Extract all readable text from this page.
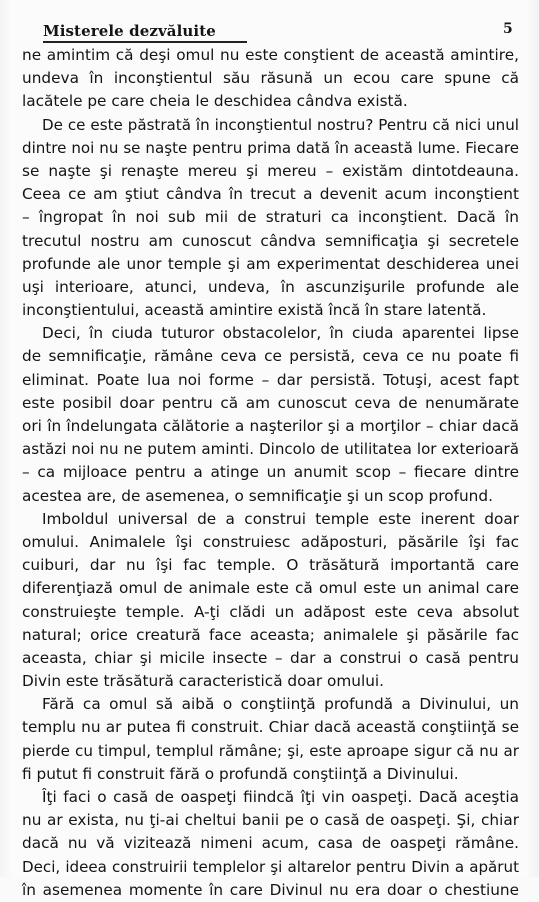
Misterele dezvăluite	5
ne amintim că deşi omul nu este conştient de această amintire,
undeva în inconştientul său răsună un ecou care spune că
lacătele pe care cheia le deschidea cândva există.
De ce este păstrată în inconştientul nostru? Pentru că nici unul
dintre noi nu se naşte pentru prima dată în această lume. Fiecare
se naşte şi renaşte mereu şi mereu – existăm dintotdeauna.
Ceea ce am ştiut cândva în trecut a devenit acum inconştient
– îngropat în noi sub mii de straturi ca inconştient. Dacă în
trecutul nostru am cunoscut cândva semnificaţia şi secretele
profunde ale unor temple şi am experimentat deschiderea unei
uşi interioare, atunci, undeva, în ascunzişurile profunde ale
inconştientului, această amintire există încă în stare latentă.
Deci, în ciuda tuturor obstacolelor, în ciuda aparentei lipse
de semnificaţie, rămâne ceva ce persistă, ceva ce nu poate fi
eliminat. Poate lua noi forme – dar persistă. Totuşi, acest fapt
este posibil doar pentru că am cunoscut ceva de nenumărate
ori în îndelungata călătorie a naşterilor şi a morţilor – chiar dacă
astăzi noi nu ne putem aminti. Dincolo de utilitatea lor exterioară
– ca mijloace pentru a atinge un anumit scop – fiecare dintre
acestea are, de asemenea, o semnificaţie şi un scop profund.
Imboldul universal de a construi temple este inerent doar
omului. Animalele îşi construiesc adăposturi, păsările îşi fac
cuiburi, dar nu îşi fac temple. O trăsătură importantă care
diferenţiază omul de animale este că omul este un animal care
construieşte temple. A-ţi clădi un adăpost este ceva absolut
natural; orice creatură face aceasta; animalele şi păsările fac
aceasta, chiar şi micile insecte – dar a construi o casă pentru
Divin este trăsătură caracteristică doar omului.
Fără ca omul să aibă o conştiinţă profundă a Divinului, un
templu nu ar putea fi construit. Chiar dacă această conştiinţă se
pierde cu timpul, templul rămâne; şi, este aproape sigur că nu ar
fi putut fi construit fără o profundă conştiinţă a Divinului.
Îţi faci o casă de oaspeţi fiindcă îţi vin oaspeţi. Dacă aceştia
nu ar exista, nu ţi-ai cheltui banii pe o casă de oaspeţi. Şi, chiar
dacă nu vă vizitează nimeni acum, casa de oaspeţi rămâne.
Deci, ideea construirii templelor şi altarelor pentru Divin a apărut
în asemenea momente în care Divinul nu era doar o chestiune
